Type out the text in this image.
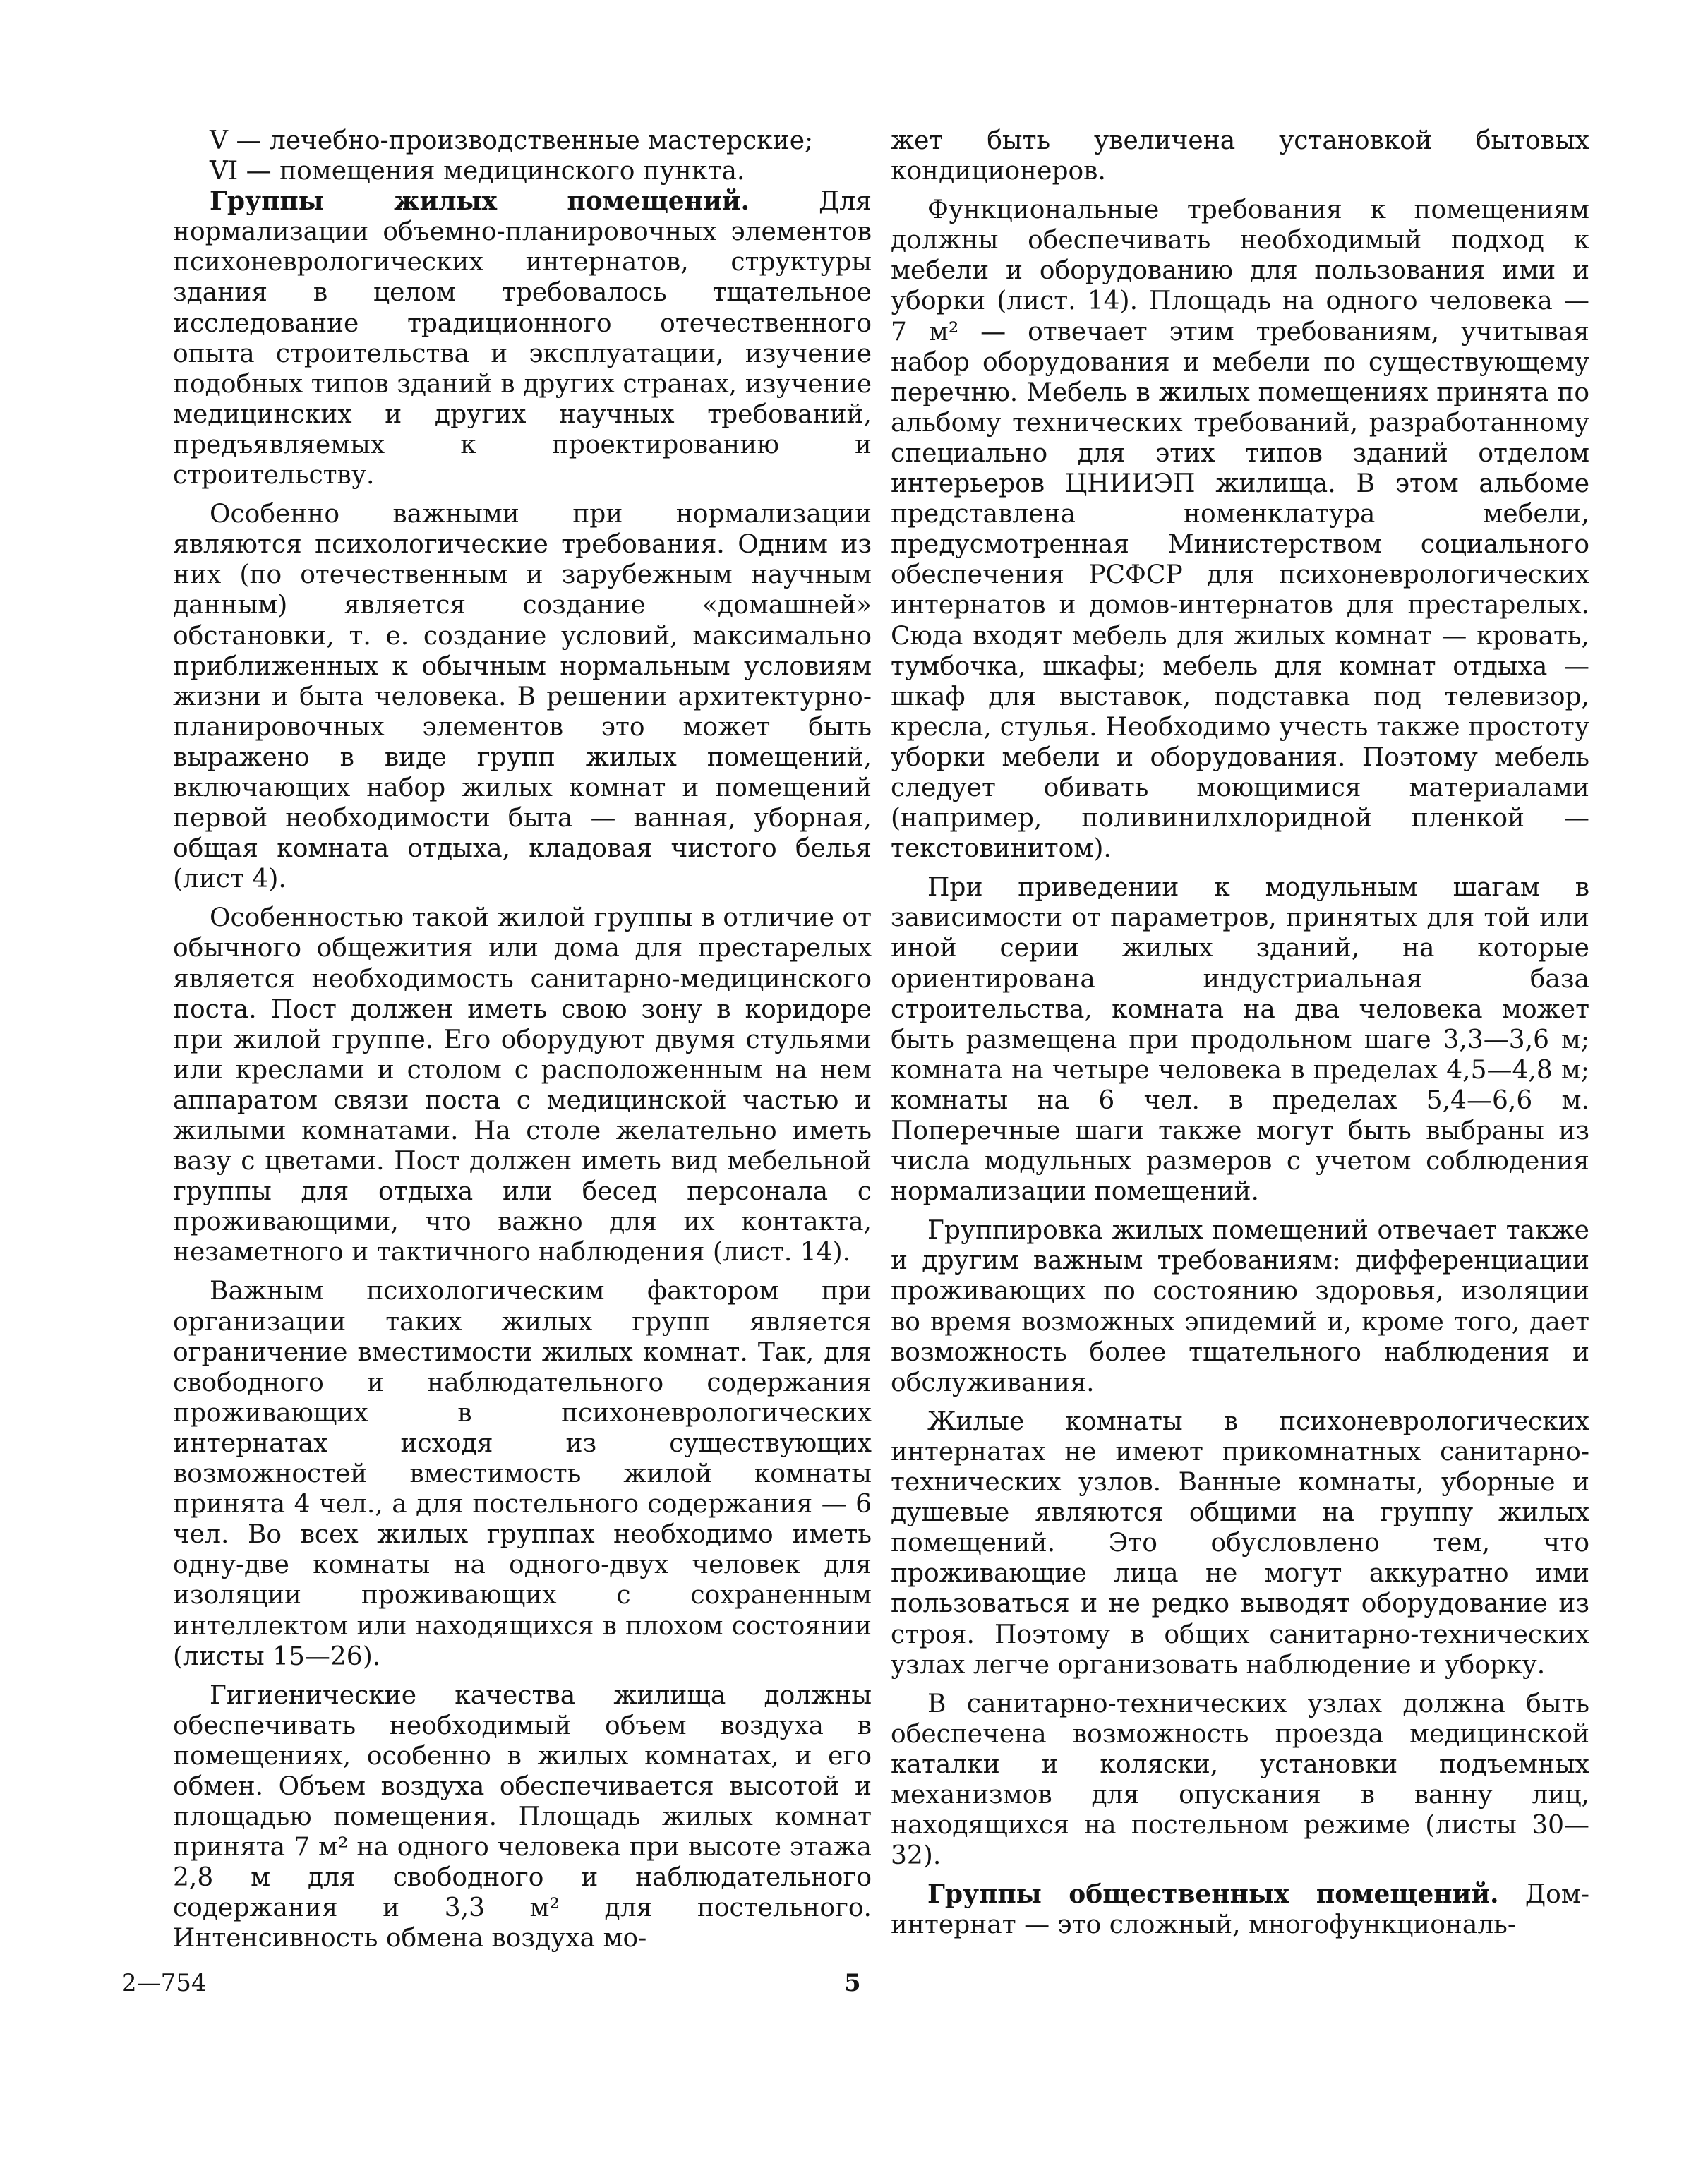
V — лечебно-производственные мастерские;

VI — помещения медицинского пункта.

Группы жилых помещений. Для нормализации объемно-планировочных элементов психоневрологических интернатов, структуры здания в целом требовалось тщательное исследование традиционного отечественного опыта строительства и эксплуатации, изучение подобных типов зданий в других странах, изучение медицинских и других научных требований, предъявляемых к проектированию и строительству.

Особенно важными при нормализации являются психологические требования. Одним из них (по отечественным и зарубежным научным данным) является создание «домашней» обстановки, т. е. создание условий, максимально приближенных к обычным нормальным условиям жизни и быта человека. В решении архитектурно-планировочных элементов это может быть выражено в виде групп жилых помещений, включающих набор жилых комнат и помещений первой необходимости быта — ванная, уборная, общая комната отдыха, кладовая чистого белья (лист 4).

Особенностью такой жилой группы в отличие от обычного общежития или дома для престарелых является необходимость санитарно-медицинского поста. Пост должен иметь свою зону в коридоре при жилой группе. Его оборудуют двумя стульями или креслами и столом с расположенным на нем аппаратом связи поста с медицинской частью и жилыми комнатами. На столе желательно иметь вазу с цветами. Пост должен иметь вид мебельной группы для отдыха или бесед персонала с проживающими, что важно для их контакта, незаметного и тактичного наблюдения (лист. 14).

Важным психологическим фактором при организации таких жилых групп является ограничение вместимости жилых комнат. Так, для свободного и наблюдательного содержания проживающих в психоневрологических интернатах исходя из существующих возможностей вместимость жилой комнаты принята 4 чел., а для постельного содержания — 6 чел. Во всех жилых группах необходимо иметь одну-две комнаты на одного-двух человек для изоляции проживающих с сохраненным интеллектом или находящихся в плохом состоянии (листы 15—26).

Гигиенические качества жилища должны обеспечивать необходимый объем воздуха в помещениях, особенно в жилых комнатах, и его обмен. Объем воздуха обеспечивается высотой и площадью помещения. Площадь жилых комнат принята 7 м² на одного человека при высоте этажа 2,8 м для свободного и наблюдательного содержания и 3,3 м² для постельного. Интенсивность обмена воздуха мо-

жет быть увеличена установкой бытовых кондиционеров.

Функциональные требования к помещениям должны обеспечивать необходимый подход к мебели и оборудованию для пользования ими и уборки (лист. 14). Площадь на одного человека — 7 м² — отвечает этим требованиям, учитывая набор оборудования и мебели по существующему перечню. Мебель в жилых помещениях принята по альбому технических требований, разработанному специально для этих типов зданий отделом интерьеров ЦНИИЭП жилища. В этом альбоме представлена номенклатура мебели, предусмотренная Министерством социального обеспечения РСФСР для психоневрологических интернатов и домов-интернатов для престарелых. Сюда входят мебель для жилых комнат — кровать, тумбочка, шкафы; мебель для комнат отдыха — шкаф для выставок, подставка под телевизор, кресла, стулья. Необходимо учесть также простоту уборки мебели и оборудования. Поэтому мебель следует обивать моющимися материалами (например, поливинилхлоридной пленкой — текстовинитом).

При приведении к модульным шагам в зависимости от параметров, принятых для той или иной серии жилых зданий, на которые ориентирована индустриальная база строительства, комната на два человека может быть размещена при продольном шаге 3,3—3,6 м; комната на четыре человека в пределах 4,5—4,8 м; комнаты на 6 чел. в пределах 5,4—6,6 м. Поперечные шаги также могут быть выбраны из числа модульных размеров с учетом соблюдения нормализации помещений.

Группировка жилых помещений отвечает также и другим важным требованиям: дифференциации проживающих по состоянию здоровья, изоляции во время возможных эпидемий и, кроме того, дает возможность более тщательного наблюдения и обслуживания.

Жилые комнаты в психоневрологических интернатах не имеют прикомнатных санитарно-технических узлов. Ванные комнаты, уборные и душевые являются общими на группу жилых помещений. Это обусловлено тем, что проживающие лица не могут аккуратно ими пользоваться и не редко выводят оборудование из строя. Поэтому в общих санитарно-технических узлах легче организовать наблюдение и уборку.

В санитарно-технических узлах должна быть обеспечена возможность проезда медицинской каталки и коляски, установки подъемных механизмов для опускания в ванну лиц, находящихся на постельном режиме (листы 30—32).

Группы общественных помещений. Дом-интернат — это сложный, многофункциональ-

2—754	5
